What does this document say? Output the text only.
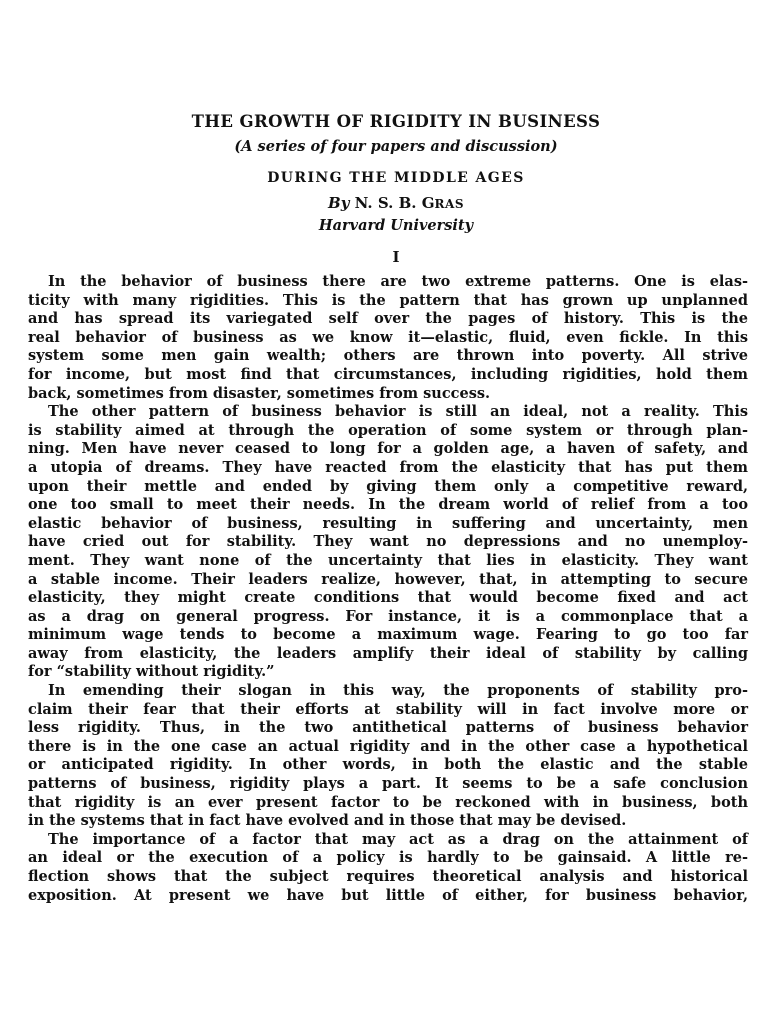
THE GROWTH OF RIGIDITY IN BUSINESS
(A series of four papers and discussion)
DURING THE MIDDLE AGES
By N. S. B. GRAS
Harvard University
I
In the behavior of business there are two extreme patterns. One is elas-
ticity with many rigidities. This is the pattern that has grown up unplanned
and has spread its variegated self over the pages of history. This is the
real behavior of business as we know it—elastic, fluid, even fickle. In this
system some men gain wealth; others are thrown into poverty. All strive
for income, but most find that circumstances, including rigidities, hold them
back, sometimes from disaster, sometimes from success.
The other pattern of business behavior is still an ideal, not a reality. This
is stability aimed at through the operation of some system or through plan-
ning. Men have never ceased to long for a golden age, a haven of safety, and
a utopia of dreams. They have reacted from the elasticity that has put them
upon their mettle and ended by giving them only a competitive reward,
one too small to meet their needs. In the dream world of relief from a too
elastic behavior of business, resulting in suffering and uncertainty, men
have cried out for stability. They want no depressions and no unemploy-
ment. They want none of the uncertainty that lies in elasticity. They want
a stable income. Their leaders realize, however, that, in attempting to secure
elasticity, they might create conditions that would become fixed and act
as a drag on general progress. For instance, it is a commonplace that a
minimum wage tends to become a maximum wage. Fearing to go too far
away from elasticity, the leaders amplify their ideal of stability by calling
for “stability without rigidity.”
In emending their slogan in this way, the proponents of stability pro-
claim their fear that their efforts at stability will in fact involve more or
less rigidity. Thus, in the two antithetical patterns of business behavior
there is in the one case an actual rigidity and in the other case a hypothetical
or anticipated rigidity. In other words, in both the elastic and the stable
patterns of business, rigidity plays a part. It seems to be a safe conclusion
that rigidity is an ever present factor to be reckoned with in business, both
in the systems that in fact have evolved and in those that may be devised.
The importance of a factor that may act as a drag on the attainment of
an ideal or the execution of a policy is hardly to be gainsaid. A little re-
flection shows that the subject requires theoretical analysis and historical
exposition. At present we have but little of either, for business behavior,
